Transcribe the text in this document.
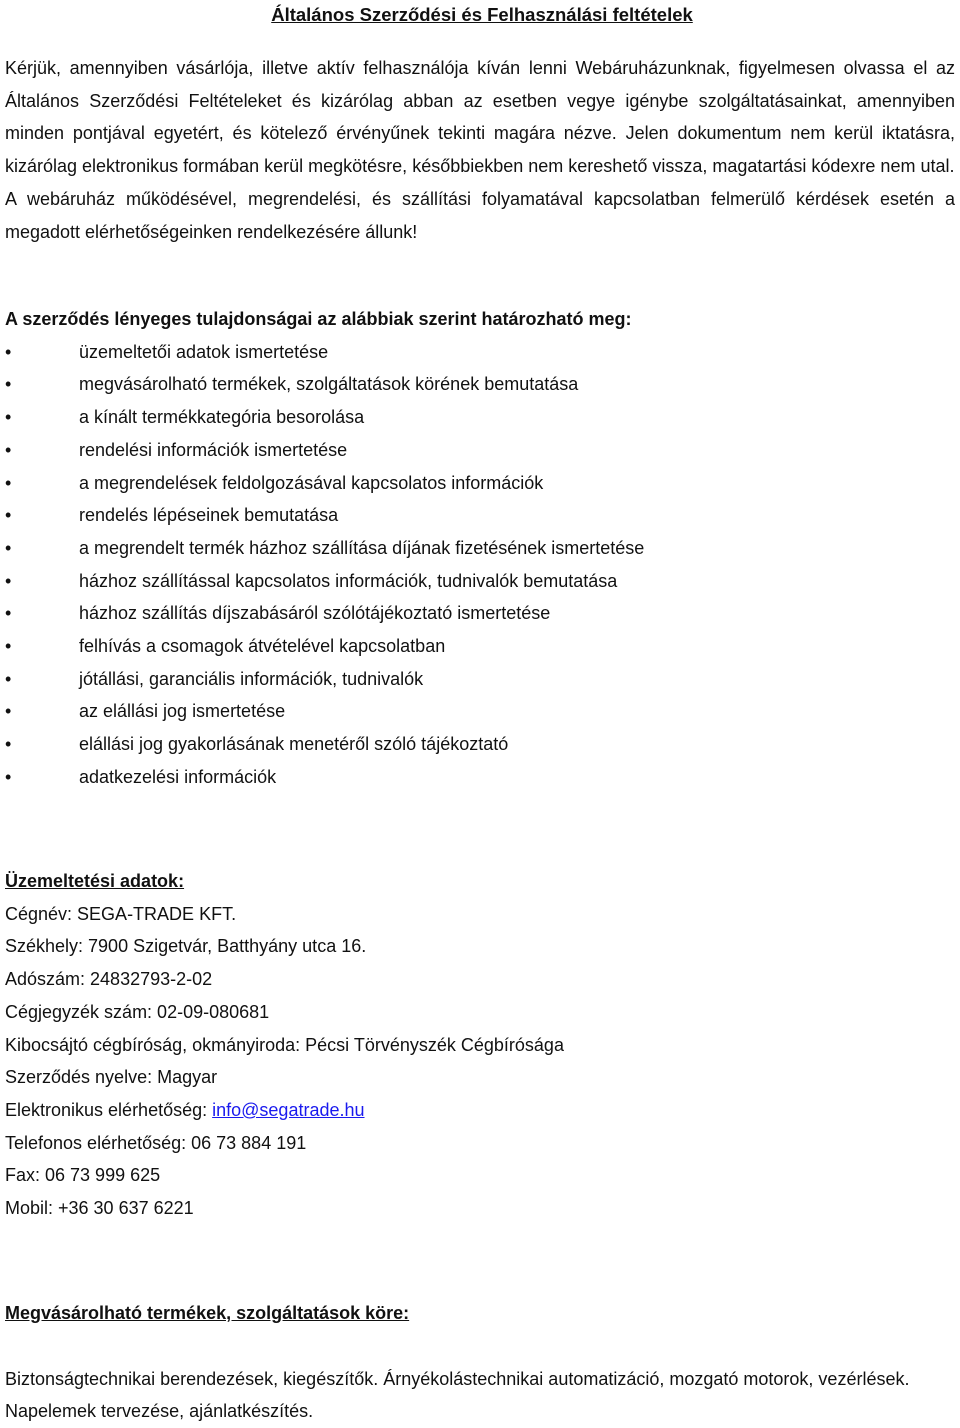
Általános Szerződési és Felhasználási feltételek

Kérjük, amennyiben vásárlója, illetve aktív felhasználója kíván lenni Webáruházunknak, figyelmesen olvassa el az Általános Szerződési Feltételeket és kizárólag abban az esetben vegye igénybe szolgáltatásainkat, amennyiben minden pontjával egyetért, és kötelező érvényűnek tekinti magára nézve. Jelen dokumentum nem kerül iktatásra, kizárólag elektronikus formában kerül megkötésre, későbbiekben nem kereshető vissza, magatartási kódexre nem utal.

A webáruház működésével, megrendelési, és szállítási folyamatával kapcsolatban felmerülő kérdések esetén a megadott elérhetőségeinken rendelkezésére állunk!

A szerződés lényeges tulajdonságai az alábbiak szerint határozható meg:

•	üzemeltetői adatok ismertetése
•	megvásárolható termékek, szolgáltatások körének bemutatása
•	a kínált termékkategória besorolása
•	rendelési információk ismertetése
•	a megrendelések feldolgozásával kapcsolatos információk
•	rendelés lépéseinek bemutatása
•	a megrendelt termék házhoz szállítása díjának fizetésének ismertetése
•	házhoz szállítással kapcsolatos információk, tudnivalók bemutatása
•	házhoz szállítás díjszabásáról szólótájékoztató ismertetése
•	felhívás a csomagok átvételével kapcsolatban
•	jótállási, garanciális információk, tudnivalók
•	az elállási jog ismertetése
•	elállási jog gyakorlásának menetéről szóló tájékoztató
•	adatkezelési információk

Üzemeltetési adatok:

Cégnév: SEGA-TRADE KFT.

Székhely: 7900 Szigetvár, Batthyány utca 16.

Adószám: 24832793-2-02

Cégjegyzék szám: 02-09-080681

Kibocsájtó cégbíróság, okmányiroda: Pécsi Törvényszék Cégbírósága

Szerződés nyelve: Magyar

Elektronikus elérhetőség: info@segatrade.hu

Telefonos elérhetőség: 06 73 884 191

Fax: 06 73 999 625

Mobil: +36 30 637 6221

Megvásárolható termékek, szolgáltatások köre:

Biztonságtechnikai berendezések, kiegészítők. Árnyékolástechnikai automatizáció, mozgató motorok, vezérlések. Napelemek tervezése, ajánlatkészítés.
